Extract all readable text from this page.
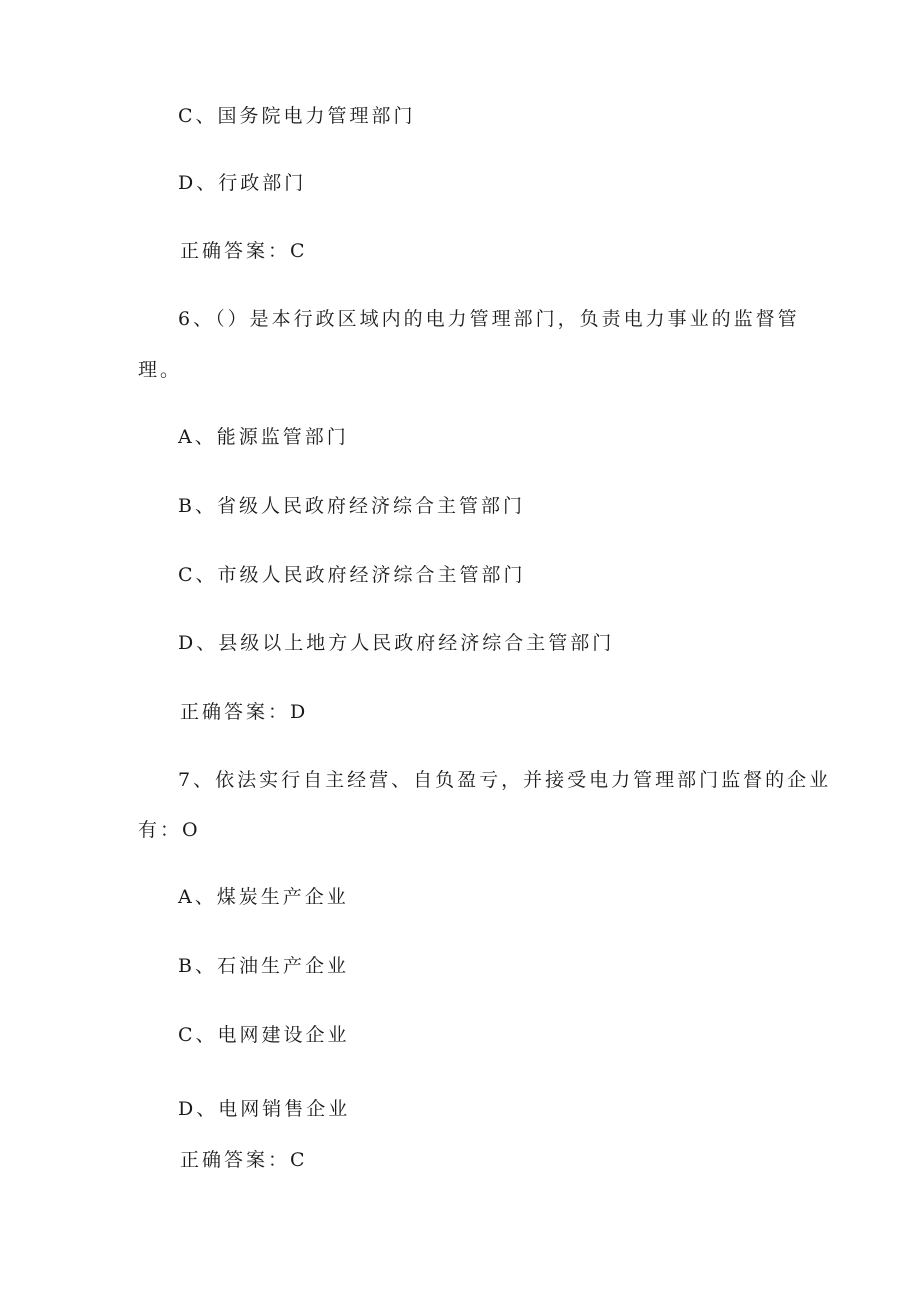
C、国务院电力管理部门
D、行政部门
正确答案：C
6、（）是本行政区域内的电力管理部门，负责电力事业的监督管
理。
A、能源监管部门
B、省级人民政府经济综合主管部门
C、市级人民政府经济综合主管部门
D、县级以上地方人民政府经济综合主管部门
正确答案：D
7、依法实行自主经营、自负盈亏，并接受电力管理部门监督的企业
有：O
A、煤炭生产企业
B、石油生产企业
C、电网建设企业
D、电网销售企业
正确答案：C
